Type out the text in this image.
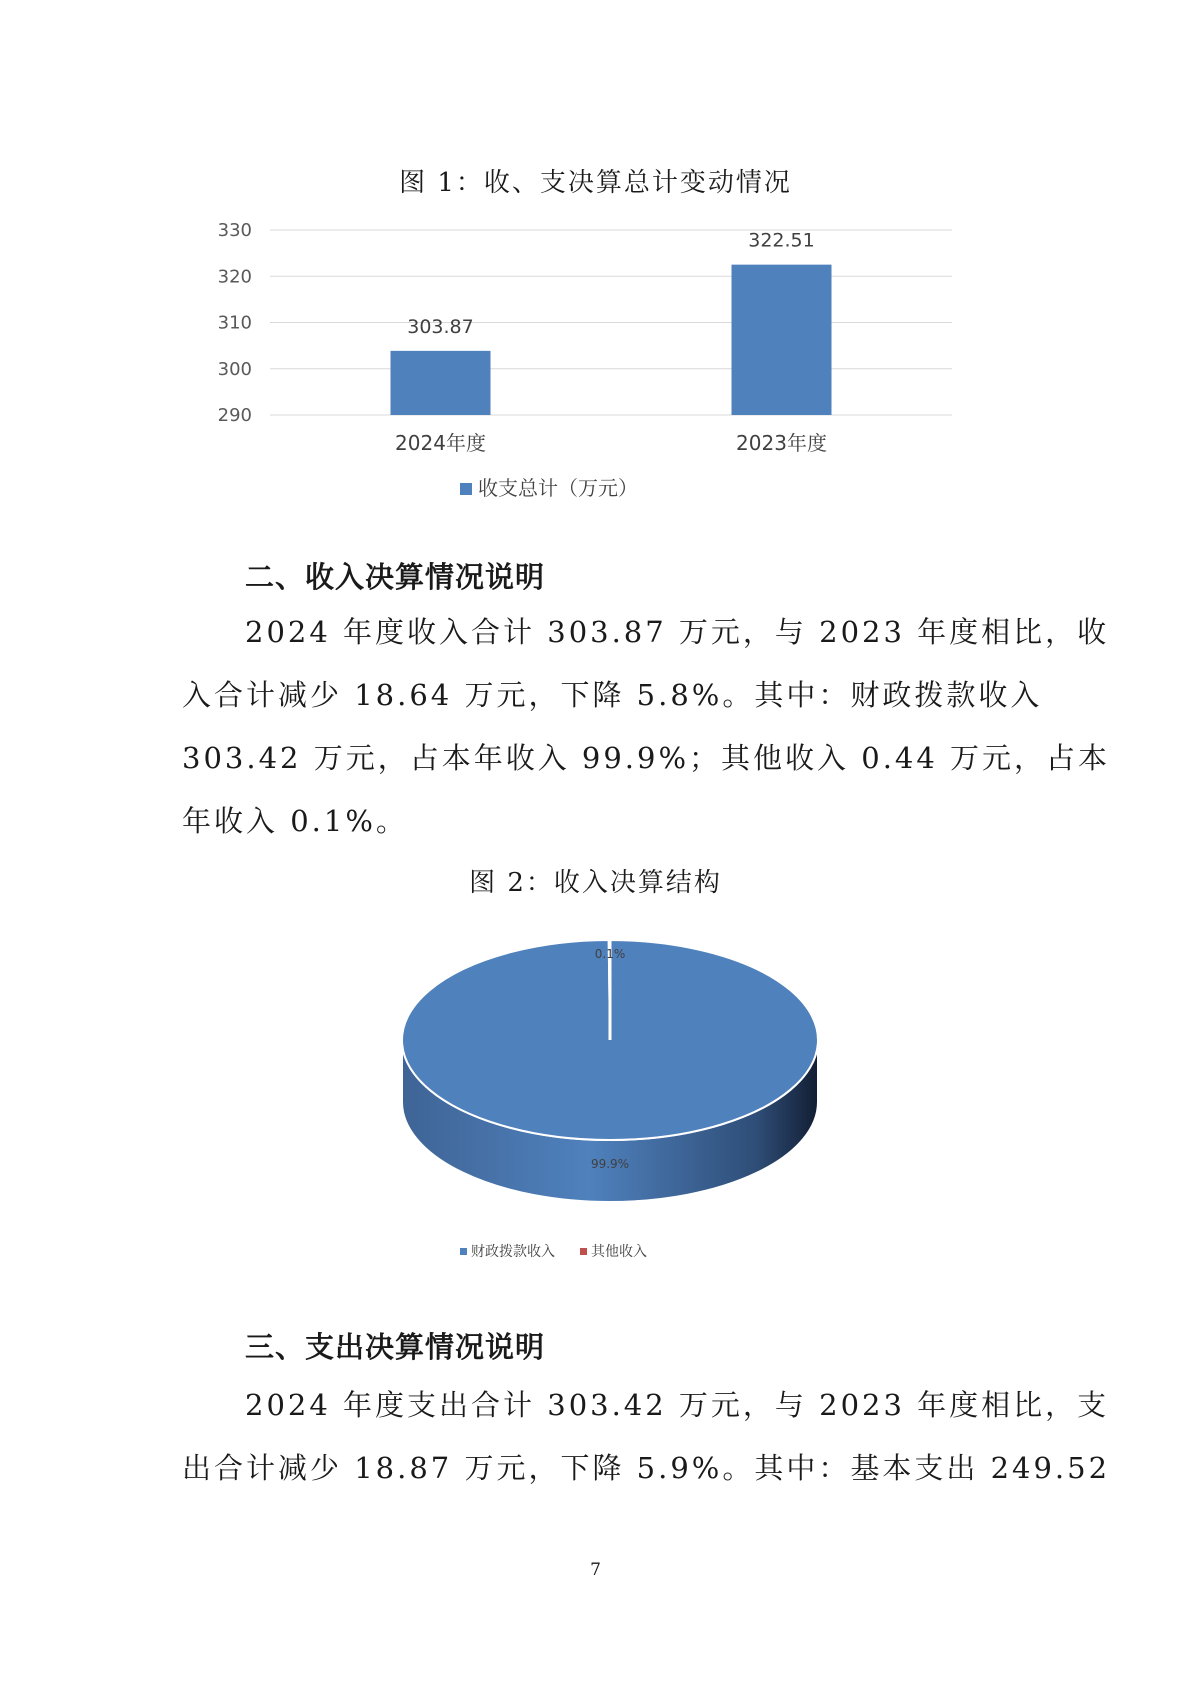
图 1：收、支决算总计变动情况
330
320
310
300
290
303.87
2024年度
322.51
2023年度
收支总计（万元）
二、收入决算情况说明
2024 年度收入合计 303.87 万元，与 2023 年度相比，收
入合计减少 18.64 万元，下降 5.8%。其中：财政拨款收入
303.42 万元，占本年收入 99.9%；其他收入 0.44 万元，占本
年收入 0.1%。
图 2：收入决算结构
99.9%
0.1%
财政拨款收入	其他收入
三、支出决算情况说明
2024 年度支出合计 303.42 万元，与 2023 年度相比，支
出合计减少 18.87 万元，下降 5.9%。其中：基本支出 249.52
7
